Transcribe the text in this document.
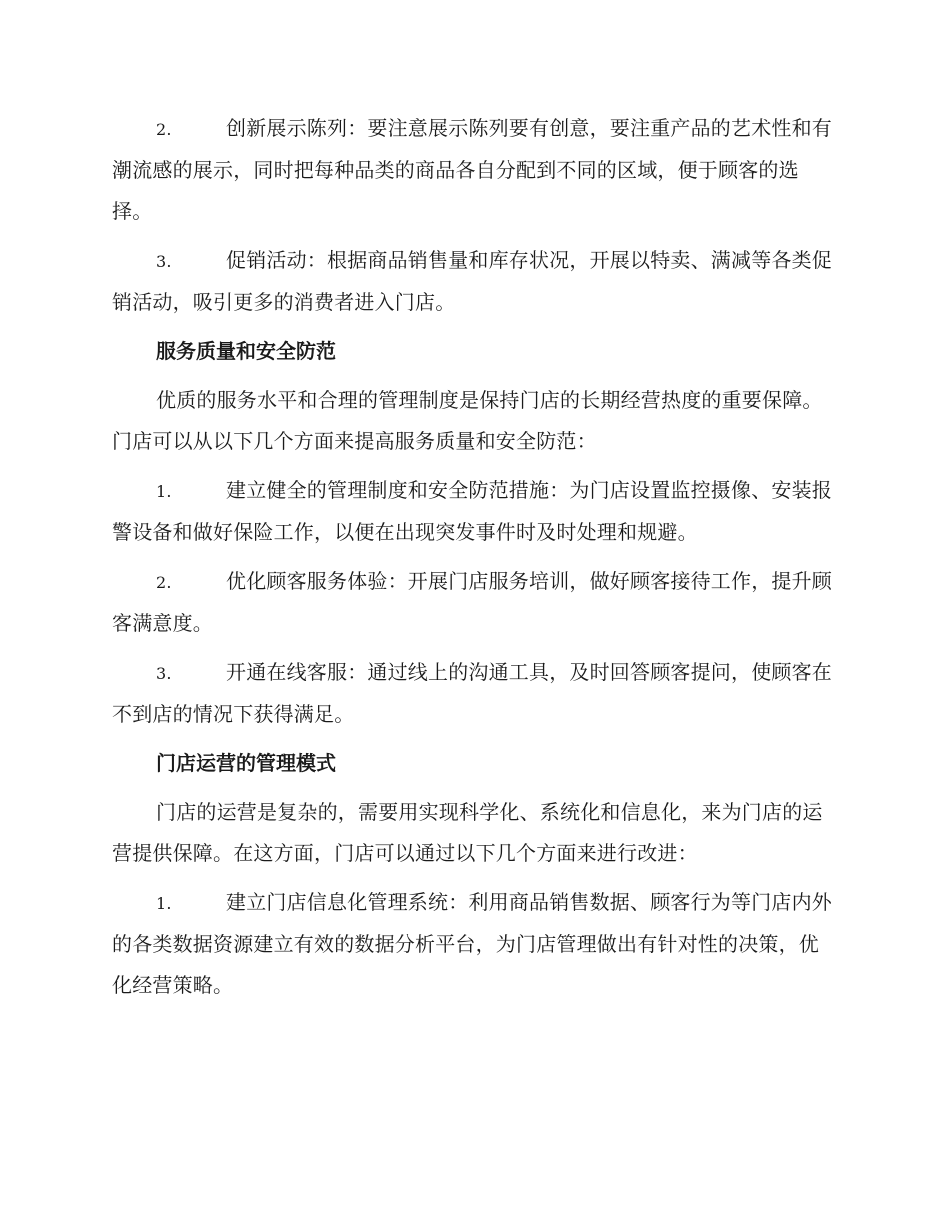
2.	创新展示陈列：要注意展示陈列要有创意，要注重产品的艺术性和有潮流感的展示，同时把每种品类的商品各自分配到不同的区域，便于顾客的选择。

3.	促销活动：根据商品销售量和库存状况，开展以特卖、满减等各类促销活动，吸引更多的消费者进入门店。

服务质量和安全防范

优质的服务水平和合理的管理制度是保持门店的长期经营热度的重要保障。门店可以从以下几个方面来提高服务质量和安全防范：

1.	建立健全的管理制度和安全防范措施：为门店设置监控摄像、安装报警设备和做好保险工作，以便在出现突发事件时及时处理和规避。

2.	优化顾客服务体验：开展门店服务培训，做好顾客接待工作，提升顾客满意度。

3.	开通在线客服：通过线上的沟通工具，及时回答顾客提问，使顾客在不到店的情况下获得满足。

门店运营的管理模式

门店的运营是复杂的，需要用实现科学化、系统化和信息化，来为门店的运营提供保障。在这方面，门店可以通过以下几个方面来进行改进：

1.	建立门店信息化管理系统：利用商品销售数据、顾客行为等门店内外的各类数据资源建立有效的数据分析平台，为门店管理做出有针对性的决策，优化经营策略。
